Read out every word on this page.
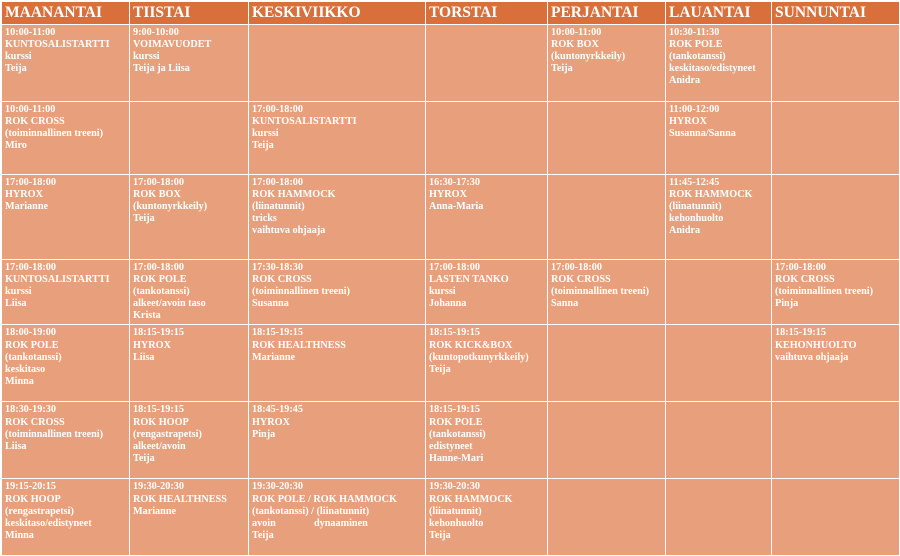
MAANANTAI	TIISTAI	KESKIVIIKKO	TORSTAI	PERJANTAI	LAUANTAI	SUNNUNTAI

10:00-11:00
KUNTOSALISTARTTI
kurssi
Teija	9:00-10:00
VOIMAVUODET
kurssi
Teija ja Liisa			10:00-11:00
ROK BOX
(kuntonyrkkeily)
Teija	10:30-11:30
ROK POLE
(tankotanssi)
keskitaso/edistyneet
Anidra	

10:00-11:00
ROK CROSS
(toiminnallinen treeni)
Miro		17:00-18:00
KUNTOSALISTARTTI
kurssi
Teija			11:00-12:00
HYROX
Susanna/Sanna	

17:00-18:00
HYROX
Marianne	17:00-18:00
ROK BOX
(kuntonyrkkeily)
Teija	17:00-18:00
ROK HAMMOCK
(liinatunnit)
tricks
vaihtuva ohjaaja	16:30-17:30
HYROX
Anna-Maria		11:45-12:45
ROK HAMMOCK
(liinatunnit)
kehonhuolto
Anidra	

17:00-18:00
KUNTOSALISTARTTI
kurssi
Liisa	17:00-18:00
ROK POLE
(tankotanssi)
alkeet/avoin taso
Krista	17:30-18:30
ROK CROSS
(toiminnallinen treeni)
Susanna	17:00-18:00
LASTEN TANKO
kurssi
Johanna	17:00-18:00
ROK CROSS
(toiminnallinen treeni)
Sanna		17:00-18:00
ROK CROSS
(toiminnallinen treeni)
Pinja

18:00-19:00
ROK POLE
(tankotanssi)
keskitaso
Minna	18:15-19:15
HYROX
Liisa	18:15-19:15
ROK HEALTHNESS
Marianne	18:15-19:15
ROK KICK&BOX
(kuntopotkunyrkkeily)
Teija			18:15-19:15
KEHONHUOLTO
vaihtuva ohjaaja

18:30-19:30
ROK CROSS
(toiminnallinen treeni)
Liisa	18:15-19:15
ROK HOOP
(rengastrapetsi)
alkeet/avoin
Teija	18:45-19:45
HYROX
Pinja	18:15-19:15
ROK POLE
(tankotanssi)
edistyneet
Hanne-Mari			

19:15-20:15
ROK HOOP
(rengastrapetsi)
keskitaso/edistyneet
Minna	19:30-20:30
ROK HEALTHNESS
Marianne	19:30-20:30
ROK POLE / ROK HAMMOCK
(tankotanssi) / (liinatunnit)
avoin               dynaaminen
Teija	19:30-20:30
ROK HAMMOCK
(liinatunnit)
kehonhuolto
Teija			
